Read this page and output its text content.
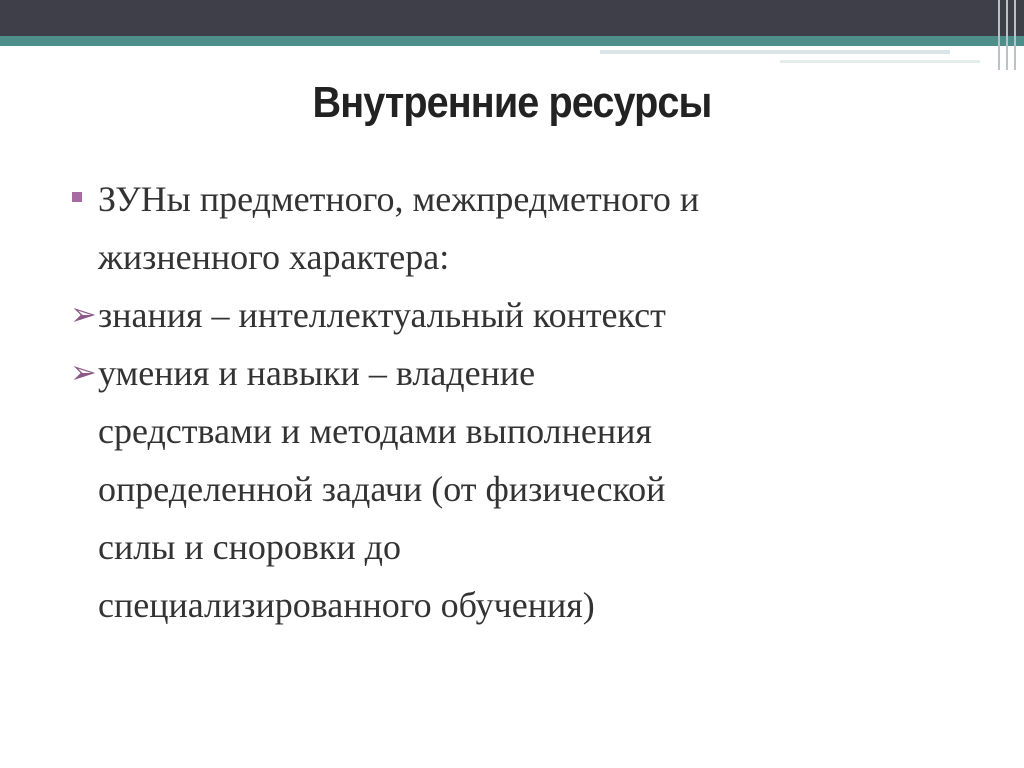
Внутренние ресурсы
ЗУНы предметного, межпредметного и
жизненного характера:
➢ знания – интеллектуальный контекст
➢ умения и навыки – владение
средствами и методами выполнения
определенной задачи (от физической
силы и сноровки до
специализированного обучения)
